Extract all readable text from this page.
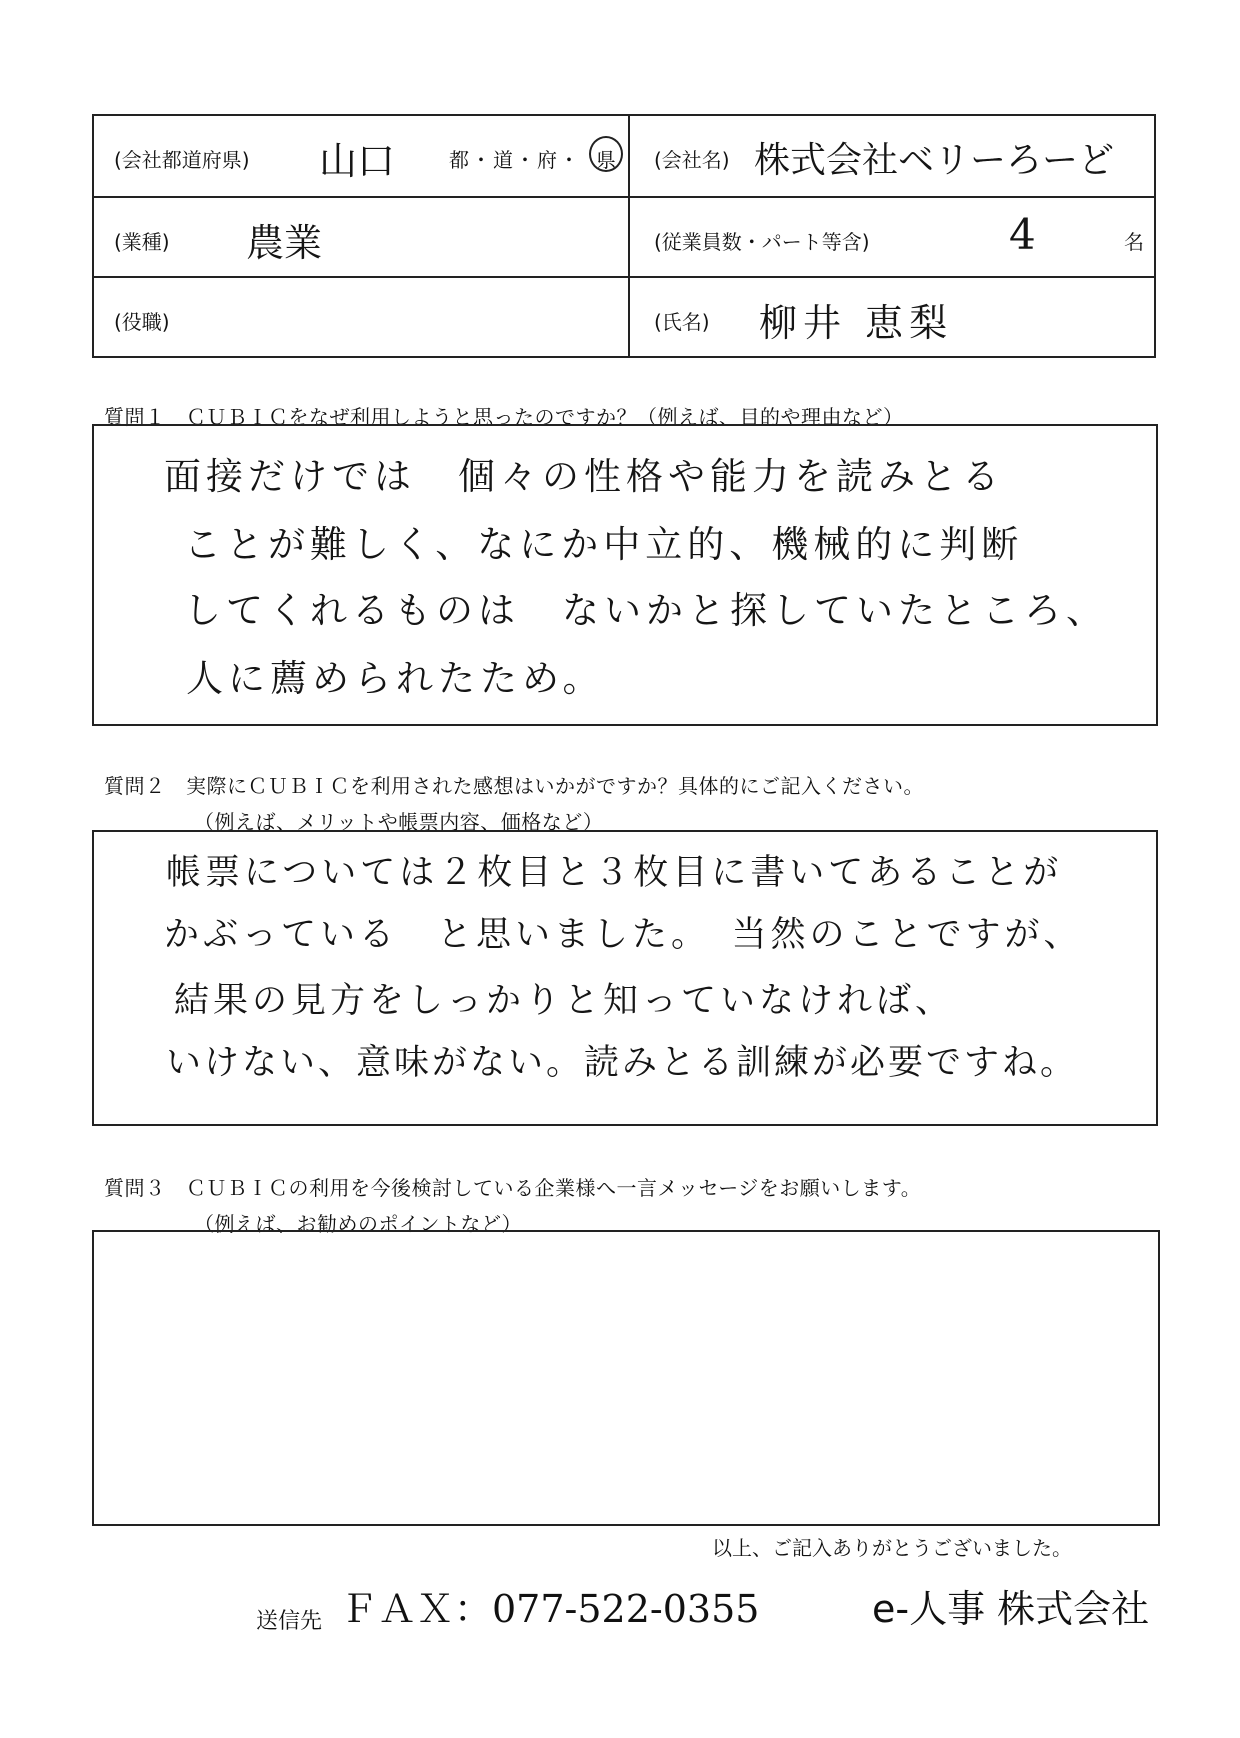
(会社都道府県) 山口	都・道・府・ 県 (会社名) 株式会社ベリーろーど
(業種) 農業	(従業員数・パート等含)	4	名
(役職)	(氏名) 柳井 恵梨
質問１　ＣＵＢＩＣをなぜ利用しようと思ったのですか？（例えば、目的や理由など）
面接だけでは　個々の性格や能力を読みとる
ことが難しく、なにか中立的、機械的に判断
してくれるものは　ないかと探していたところ、
人に薦められたため。
質問２　実際にＣＵＢＩＣを利用された感想はいかがですか？具体的にご記入ください。
（例えば、メリットや帳票内容、価格など）
帳票については２枚目と３枚目に書いてあることが
かぶっている　と思いました。　当然のことですが、
結果の見方をしっかりと知っていなければ、
いけない、意味がない。読みとる訓練が必要ですね。
質問３　ＣＵＢＩＣの利用を今後検討している企業様へ一言メッセージをお願いします。
（例えば、お勧めのポイントなど）
以上、ご記入ありがとうございました。
送信先 ＦＡＸ：077-522-0355	e-人事 株式会社
